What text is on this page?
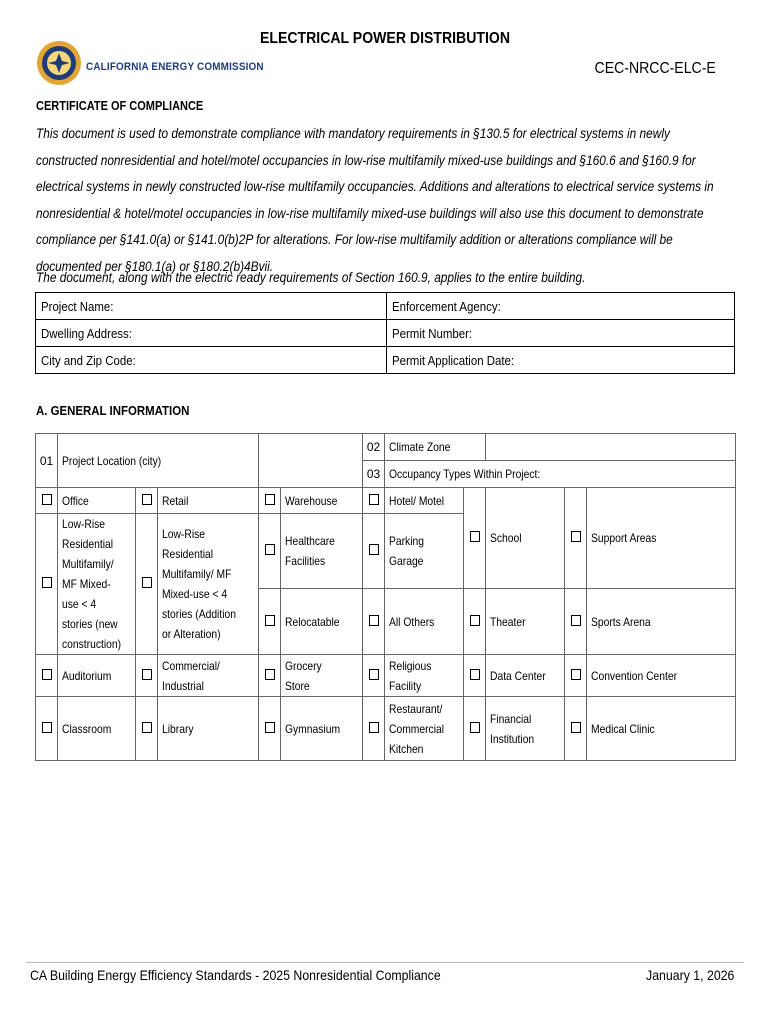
ELECTRICAL POWER DISTRIBUTION
CALIFORNIA ENERGY COMMISSION	CEC-NRCC-ELC-E
CERTIFICATE OF COMPLIANCE
This document is used to demonstrate compliance with mandatory requirements in §130.5 for electrical systems in newly constructed nonresidential and hotel/motel occupancies in low-rise multifamily mixed-use buildings and §160.6 and §160.9 for electrical systems in newly constructed low-rise multifamily occupancies. Additions and alterations to electrical service systems in nonresidential & hotel/motel occupancies in low-rise multifamily mixed-use buildings will also use this document to demonstrate compliance per §141.0(a) or §141.0(b)2P for alterations. For low-rise multifamily addition or alterations compliance will be documented per §180.1(a) or §180.2(b)4Bvii.
The document, along with the electric ready requirements of Section 160.9, applies to the entire building.
Project Name:	Enforcement Agency:
Dwelling Address:	Permit Number:
City and Zip Code:	Permit Application Date:
A. GENERAL INFORMATION
01	Project Location (city)					02	Climate Zone				
						03	Occupancy Types Within Project:				
	Office		Retail		Warehouse		Hotel/ Motel		School		Support Areas
	Low-Rise Residential Multifamily/ MF Mixed-use < 4 stories (new construction)		Low-Rise Residential Multifamily/ MF Mixed-use < 4 stories (Addition or Alteration)		Healthcare Facilities		Parking Garage				
					Relocatable		All Others		Theater		Sports Arena
	Auditorium		Commercial/ Industrial		Grocery Store		Religious Facility		Data Center		Convention Center
	Classroom		Library		Gymnasium		Restaurant/ Commercial Kitchen		Financial Institution		Medical Clinic
CA Building Energy Efficiency Standards - 2025 Nonresidential Compliance	January 1, 2026
